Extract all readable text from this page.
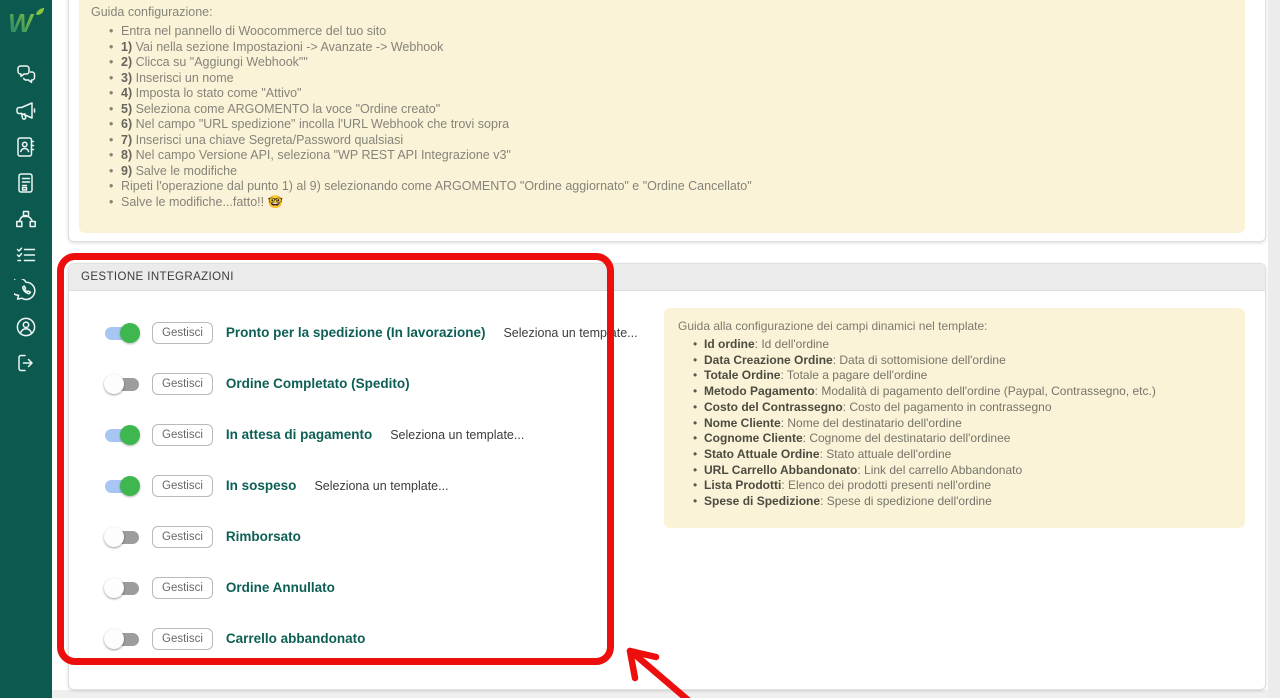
W	Guida configurazione:
• Entra nel pannello di Woocommerce del tuo sito
• 1) Vai nella sezione Impostazioni -> Avanzate -> Webhook
• 2) Clicca su "Aggiungi Webhook""
• 3) Inserisci un nome
• 4) Imposta lo stato come "Attivo"
• 5) Seleziona come ARGOMENTO la voce "Ordine creato"
• 6) Nel campo "URL spedizione" incolla l'URL Webhook che trovi sopra
• 7) Inserisci una chiave Segreta/Password qualsiasi
• 8) Nel campo Versione API, seleziona "WP REST API Integrazione v3"
• 9) Salve le modifiche
• Ripeti l'operazione dal punto 1) al 9) selezionando come ARGOMENTO "Ordine aggiornato" e "Ordine Cancellato"
• Salve le modifiche...fatto!! 🤓
GESTIONE INTEGRAZIONI
Gestisci	Pronto per la spedizione (In lavorazione) Seleziona un template...
Gestisci	Ordine Completato (Spedito)
Gestisci	In attesa di pagamento Seleziona un template...
Gestisci	In sospeso Seleziona un template...
Gestisci	Rimborsato
Gestisci	Ordine Annullato
Gestisci	Carrello abbandonato
Guida alla configurazione dei campi dinamici nel template:
• Id ordine: Id dell'ordine
• Data Creazione Ordine: Data di sottomisione dell'ordine
• Totale Ordine: Totale a pagare dell'ordine
• Metodo Pagamento: Modalità di pagamento dell'ordine (Paypal, Contrassegno, etc.)
• Costo del Contrassegno: Costo del pagamento in contrassegno
• Nome Cliente: Nome del destinatario dell'ordine
• Cognome Cliente: Cognome del destinatario dell'ordinee
• Stato Attuale Ordine: Stato attuale dell'ordine
• URL Carrello Abbandonato: Link del carrello Abbandonato
• Lista Prodotti: Elenco dei prodotti presenti nell'ordine
• Spese di Spedizione: Spese di spedizione dell'ordine
